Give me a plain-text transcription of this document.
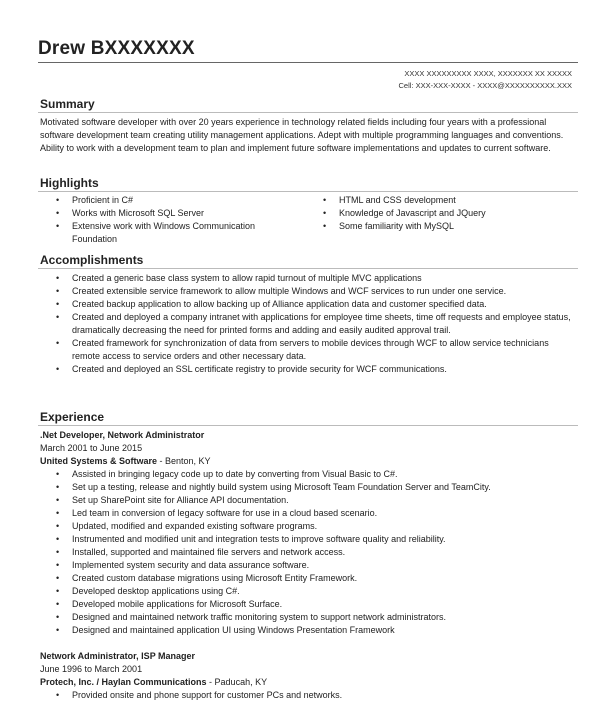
Drew BXXXXXXX
XXXX XXXXXXXXX XXXX, XXXXXXX XX XXXXX
Cell: XXX-XXX-XXXX - XXXX@XXXXXXXXXX.XXX
Summary
Motivated software developer with over 20 years experience in technology related fields including four years with a professional software development team creating utility management applications. Adept with multiple programming languages and conventions. Ability to work with a development team to plan and implement future software implementations and updates to current software.
Highlights
• Proficient in C#
• Works with Microsoft SQL Server
• Extensive work with Windows Communication Foundation
• HTML and CSS development
• Knowledge of Javascript and JQuery
• Some familiarity with MySQL
Accomplishments
• Created a generic base class system to allow rapid turnout of multiple MVC applications
• Created extensible service framework to allow multiple Windows and WCF services to run under one service.
• Created backup application to allow backing up of Alliance application data and customer specified data.
• Created and deployed a company intranet with applications for employee time sheets, time off requests and employee status, dramatically decreasing the need for printed forms and adding and easily audited approval trail.
• Created framework for synchronization of data from servers to mobile devices through WCF to allow service technicians remote access to service orders and other necessary data.
• Created and deployed an SSL certificate registry to provide security for WCF communications.
Experience
.Net Developer, Network Administrator
March 2001 to June 2015
United Systems & Software - Benton, KY
• Assisted in bringing legacy code up to date by converting from Visual Basic to C#.
• Set up a testing, release and nightly build system using Microsoft Team Foundation Server and TeamCity.
• Set up SharePoint site for Alliance API documentation.
• Led team in conversion of legacy software for use in a cloud based scenario.
• Updated, modified and expanded existing software programs.
• Instrumented and modified unit and integration tests to improve software quality and reliability.
• Installed, supported and maintained file servers and network access.
• Implemented system security and data assurance software.
• Created custom database migrations using Microsoft Entity Framework.
• Developed desktop applications using C#.
• Developed mobile applications for Microsoft Surface.
• Designed and maintained network traffic monitoring system to support network administrators.
• Designed and maintained application UI using Windows Presentation Framework
Network Administrator, ISP Manager
June 1996 to March 2001
Protech, Inc. / Haylan Communications - Paducah, KY
• Provided onsite and phone support for customer PCs and networks.
